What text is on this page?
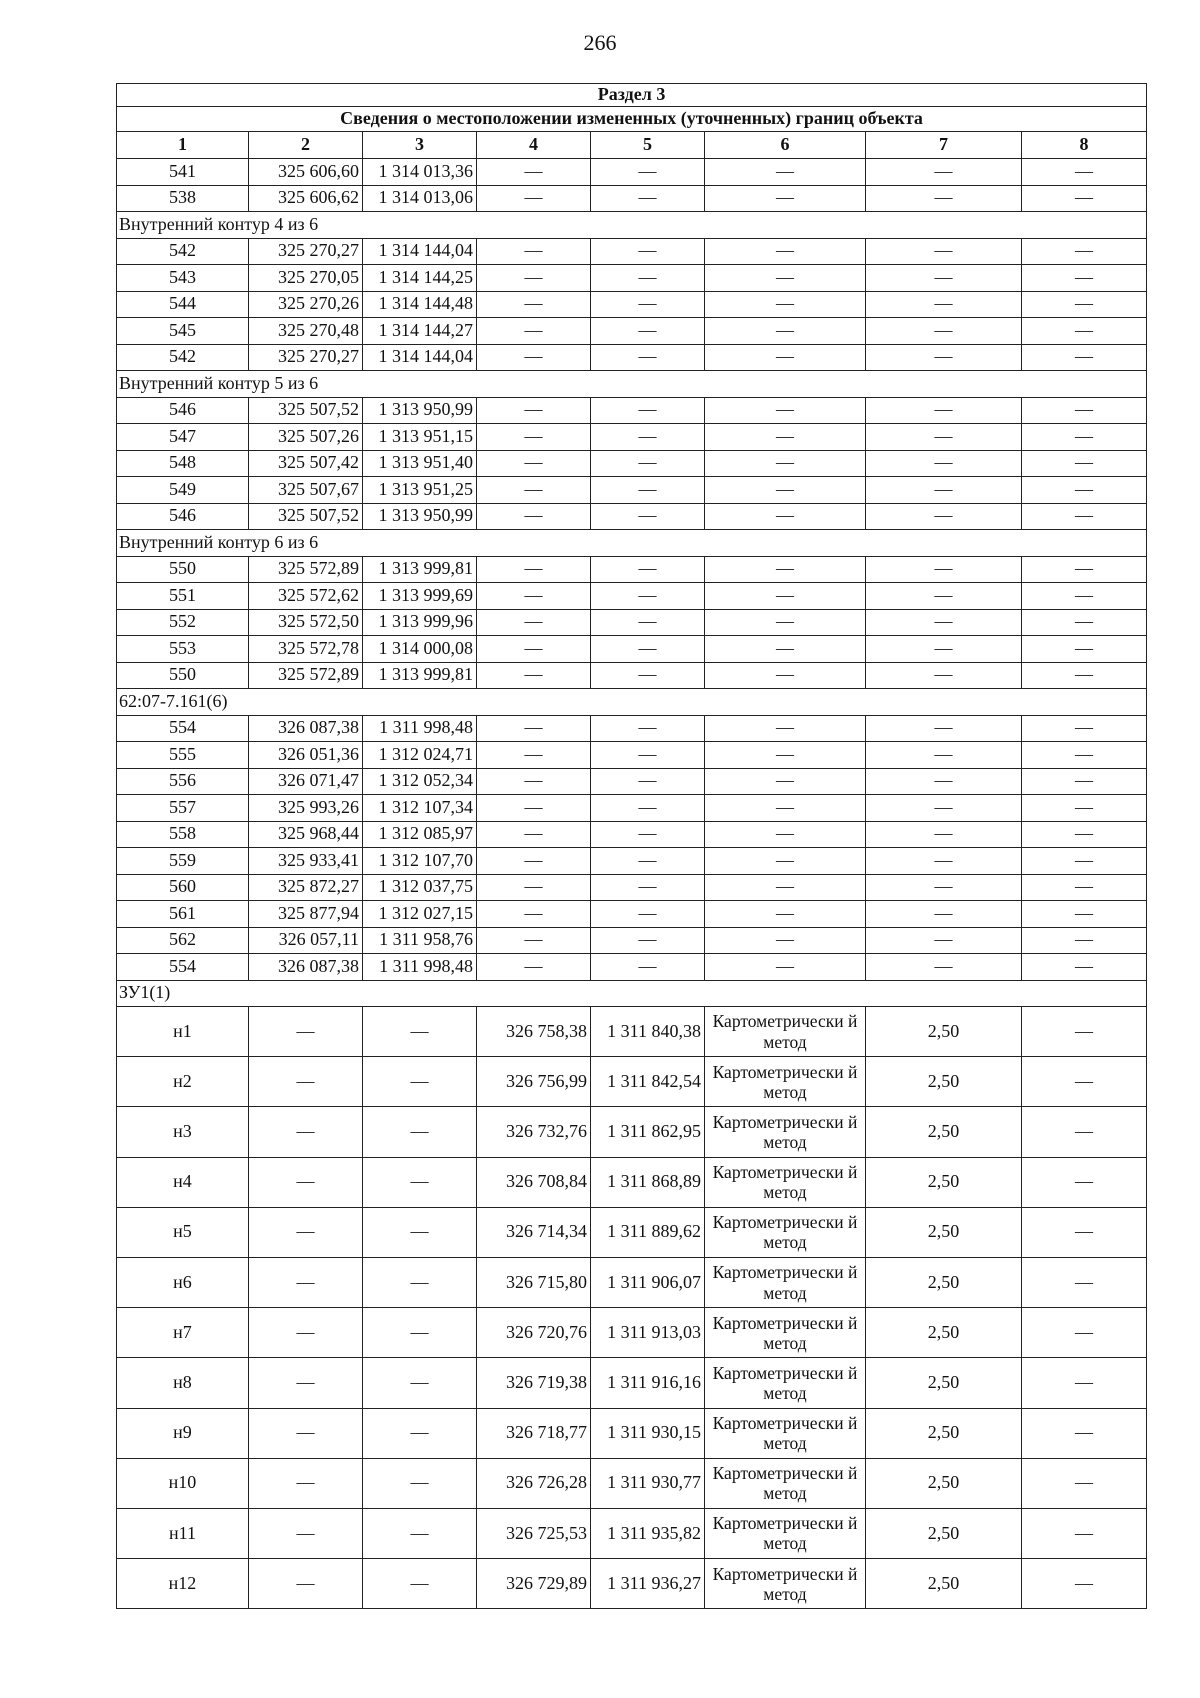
266
Раздел 3							
Сведения о местоположении измененных (уточненных) границ объекта							
1	2	3	4	5	6	7	8
541	325 606,60	1 314 013,36	—	—	—	—	—
538	325 606,62	1 314 013,06	—	—	—	—	—
Внутренний контур 4 из 6							
542	325 270,27	1 314 144,04	—	—	—	—	—
543	325 270,05	1 314 144,25	—	—	—	—	—
544	325 270,26	1 314 144,48	—	—	—	—	—
545	325 270,48	1 314 144,27	—	—	—	—	—
542	325 270,27	1 314 144,04	—	—	—	—	—
Внутренний контур 5 из 6							
546	325 507,52	1 313 950,99	—	—	—	—	—
547	325 507,26	1 313 951,15	—	—	—	—	—
548	325 507,42	1 313 951,40	—	—	—	—	—
549	325 507,67	1 313 951,25	—	—	—	—	—
546	325 507,52	1 313 950,99	—	—	—	—	—
Внутренний контур 6 из 6							
550	325 572,89	1 313 999,81	—	—	—	—	—
551	325 572,62	1 313 999,69	—	—	—	—	—
552	325 572,50	1 313 999,96	—	—	—	—	—
553	325 572,78	1 314 000,08	—	—	—	—	—
550	325 572,89	1 313 999,81	—	—	—	—	—
62:07-7.161(6)							
554	326 087,38	1 311 998,48	—	—	—	—	—
555	326 051,36	1 312 024,71	—	—	—	—	—
556	326 071,47	1 312 052,34	—	—	—	—	—
557	325 993,26	1 312 107,34	—	—	—	—	—
558	325 968,44	1 312 085,97	—	—	—	—	—
559	325 933,41	1 312 107,70	—	—	—	—	—
560	325 872,27	1 312 037,75	—	—	—	—	—
561	325 877,94	1 312 027,15	—	—	—	—	—
562	326 057,11	1 311 958,76	—	—	—	—	—
554	326 087,38	1 311 998,48	—	—	—	—	—
ЗУ1(1)							
н1	—	—	326 758,38	1 311 840,38	Картометрически й метод	2,50	—
н2	—	—	326 756,99	1 311 842,54	Картометрически й метод	2,50	—
н3	—	—	326 732,76	1 311 862,95	Картометрически й метод	2,50	—
н4	—	—	326 708,84	1 311 868,89	Картометрически й метод	2,50	—
н5	—	—	326 714,34	1 311 889,62	Картометрически й метод	2,50	—
н6	—	—	326 715,80	1 311 906,07	Картометрически й метод	2,50	—
н7	—	—	326 720,76	1 311 913,03	Картометрически й метод	2,50	—
н8	—	—	326 719,38	1 311 916,16	Картометрически й метод	2,50	—
н9	—	—	326 718,77	1 311 930,15	Картометрически й метод	2,50	—
н10	—	—	326 726,28	1 311 930,77	Картометрически й метод	2,50	—
н11	—	—	326 725,53	1 311 935,82	Картометрически й метод	2,50	—
н12	—	—	326 729,89	1 311 936,27	Картометрически й метод	2,50	—
